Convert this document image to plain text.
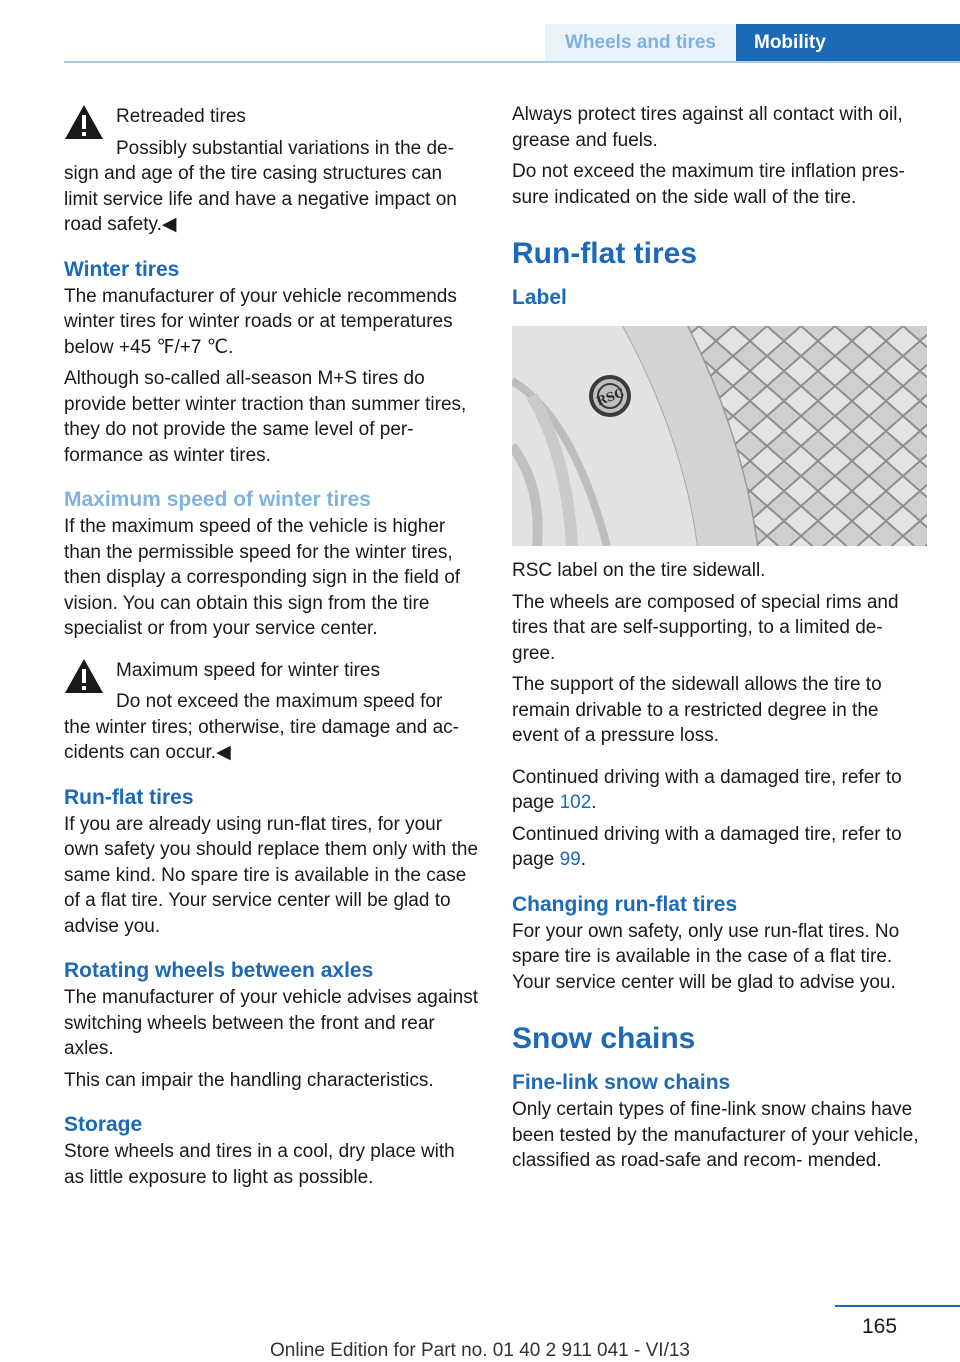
Wheels and tires	Mobility
Retreaded tires
Possibly substantial variations in the de‐

sign and age of the tire casing structures can limit service life and have a negative impact on road safety.◀

Winter tires

The manufacturer of your vehicle recommends winter tires for winter roads or at temperatures below +45 ℉/+7 ℃.

Although so-called all-season M+S tires do provide better winter traction than summer tires, they do not provide the same level of per‐ formance as winter tires.

Maximum speed of winter tires

If the maximum speed of the vehicle is higher than the permissible speed for the winter tires, then display a corresponding sign in the field of vision. You can obtain this sign from the tire specialist or from your service center.

Maximum speed for winter tires
Do not exceed the maximum speed for

the winter tires; otherwise, tire damage and ac‐ cidents can occur.◀

Run-flat tires

If you are already using run-flat tires, for your own safety you should replace them only with the same kind. No spare tire is available in the case of a flat tire. Your service center will be glad to advise you.

Rotating wheels between axles

The manufacturer of your vehicle advises against switching wheels between the front and rear axles.

This can impair the handling characteristics.

Storage

Store wheels and tires in a cool, dry place with as little exposure to light as possible.

Always protect tires against all contact with oil, grease and fuels.

Do not exceed the maximum tire inflation pres‐ sure indicated on the side wall of the tire.

Run-flat tires
Label
RSC

RSC label on the tire sidewall.

The wheels are composed of special rims and tires that are self-supporting, to a limited de‐ gree.

The support of the sidewall allows the tire to remain drivable to a restricted degree in the event of a pressure loss.

Continued driving with a damaged tire, refer to page 102.

Continued driving with a damaged tire, refer to page 99.

Changing run-flat tires

For your own safety, only use run-flat tires. No spare tire is available in the case of a flat tire. Your service center will be glad to advise you.

Snow chains
Fine-link snow chains

Only certain types of fine-link snow chains have been tested by the manufacturer of your vehicle, classified as road-safe and recom‐ mended.

165
Online Edition for Part no. 01 40 2 911 041 - VI/13
